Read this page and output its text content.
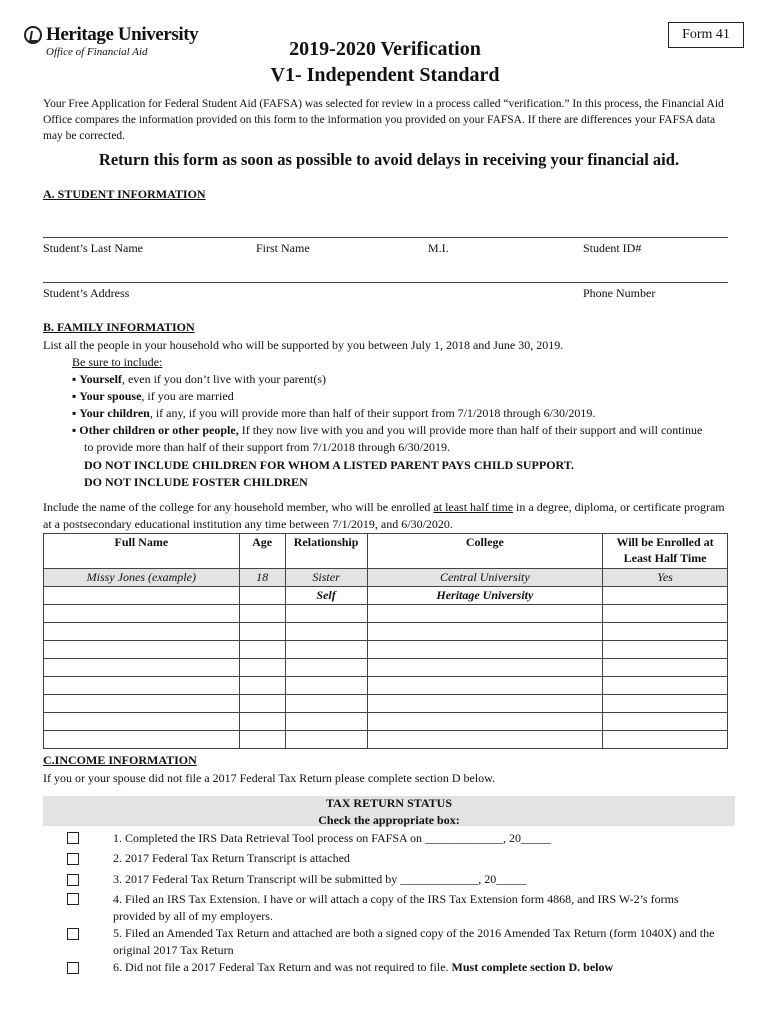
Heritage University
Office of Financial Aid
Form 41
2019-2020 Verification
V1- Independent Standard
Your Free Application for Federal Student Aid (FAFSA) was selected for review in a process called “verification.” In this process, the Financial Aid Office compares the information provided on this form to the information you provided on your FAFSA. If there are differences your FAFSA data may be corrected.
Return this form as soon as possible to avoid delays in receiving your financial aid.
A. STUDENT INFORMATION
Student’s Last Name	First Name	M.I.	Student ID#
Student’s Address	Phone Number
B. FAMILY INFORMATION
List all the people in your household who will be supported by you between July 1, 2018 and June 30, 2019.
Be sure to include:
▪ Yourself, even if you don’t live with your parent(s)
▪ Your spouse, if you are married
▪ Your children, if any, if you will provide more than half of their support from 7/1/2018 through 6/30/2019.
▪ Other children or other people, If they now live with you and you will provide more than half of their support and will continue to provide more than half of their support from 7/1/2018 through 6/30/2019.
DO NOT INCLUDE CHILDREN FOR WHOM A LISTED PARENT PAYS CHILD SUPPORT.
DO NOT INCLUDE FOSTER CHILDREN
Include the name of the college for any household member, who will be enrolled at least half time in a degree, diploma, or certificate program at a postsecondary educational institution any time between 7/1/2019, and 6/30/2020.
Full Name	Age	Relationship	College	Will be Enrolled at Least Half Time
Missy Jones (example)	18	Sister	Central University	Yes
		Self	Heritage University	

C.INCOME INFORMATION
If you or your spouse did not file a 2017 Federal Tax Return please complete section D below.
TAX RETURN STATUS
Check the appropriate box:
1. Completed the IRS Data Retrieval Tool process on FAFSA on _____________, 20_____
2. 2017 Federal Tax Return Transcript is attached
3. 2017 Federal Tax Return Transcript will be submitted by _____________, 20_____
4. Filed an IRS Tax Extension. I have or will attach a copy of the IRS Tax Extension form 4868, and IRS W-2’s forms provided by all of my employers.
5. Filed an Amended Tax Return and attached are both a signed copy of the 2016 Amended Tax Return (form 1040X) and the original 2017 Tax Return
6. Did not file a 2017 Federal Tax Return and was not required to file. Must complete section D. below
